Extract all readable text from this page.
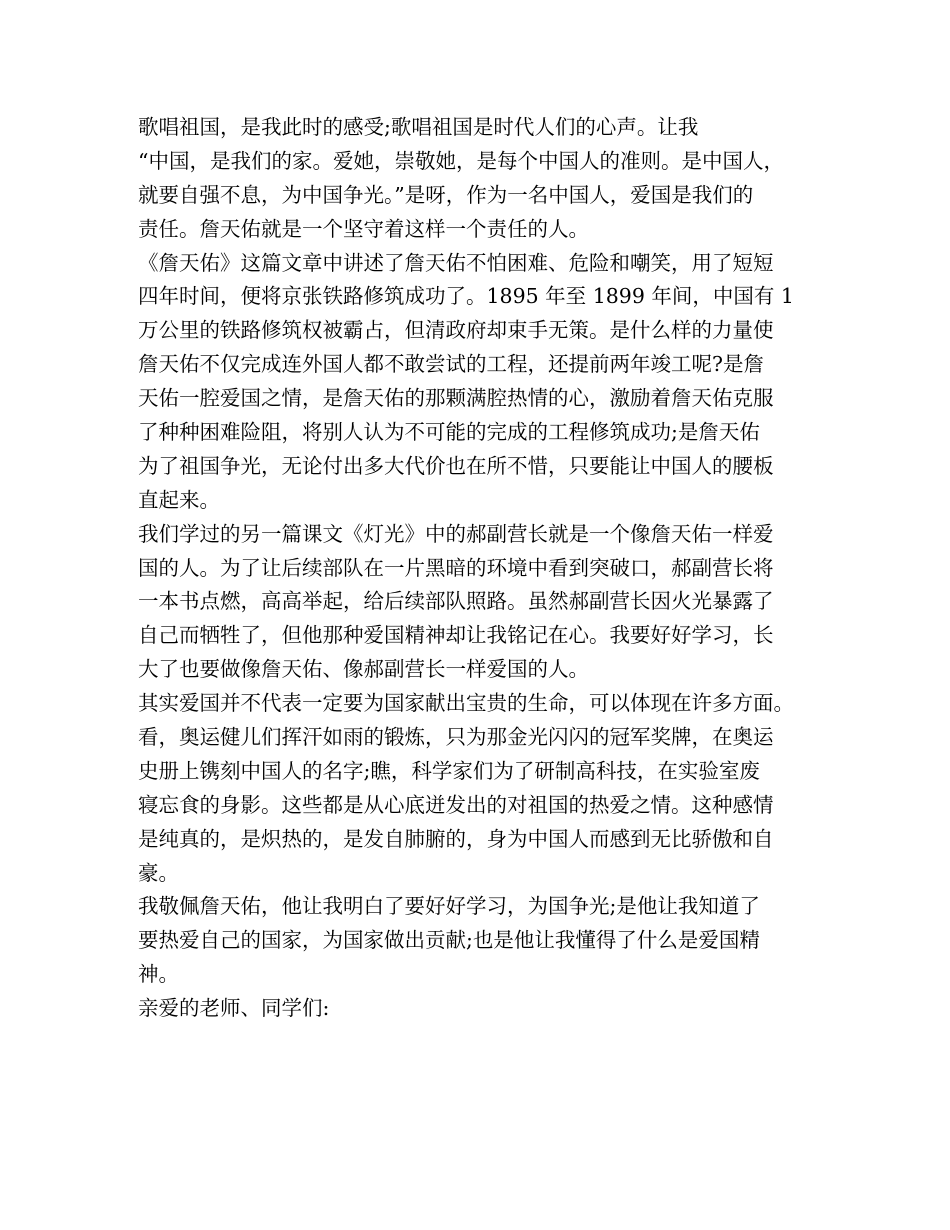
歌唱祖国，是我此时的感受;歌唱祖国是时代人们的心声。让我
“中国，是我们的家。爱她，崇敬她，是每个中国人的准则。是中国人，
就要自强不息，为中国争光。”是呀，作为一名中国人，爱国是我们的
责任。詹天佑就是一个坚守着这样一个责任的人。
《詹天佑》这篇文章中讲述了詹天佑不怕困难、危险和嘲笑，用了短短
四年时间，便将京张铁路修筑成功了。1895 年至 1899 年间，中国有 1
万公里的铁路修筑权被霸占，但清政府却束手无策。是什么样的力量使
詹天佑不仅完成连外国人都不敢尝试的工程，还提前两年竣工呢?是詹
天佑一腔爱国之情，是詹天佑的那颗满腔热情的心，激励着詹天佑克服
了种种困难险阻，将别人认为不可能的完成的工程修筑成功;是詹天佑
为了祖国争光，无论付出多大代价也在所不惜，只要能让中国人的腰板
直起来。
我们学过的另一篇课文《灯光》中的郝副营长就是一个像詹天佑一样爱
国的人。为了让后续部队在一片黑暗的环境中看到突破口，郝副营长将
一本书点燃，高高举起，给后续部队照路。虽然郝副营长因火光暴露了
自己而牺牲了，但他那种爱国精神却让我铭记在心。我要好好学习，长
大了也要做像詹天佑、像郝副营长一样爱国的人。
其实爱国并不代表一定要为国家献出宝贵的生命，可以体现在许多方面。
看，奥运健儿们挥汗如雨的锻炼，只为那金光闪闪的冠军奖牌，在奥运
史册上镌刻中国人的名字;瞧，科学家们为了研制高科技，在实验室废
寝忘食的身影。这些都是从心底迸发出的对祖国的热爱之情。这种感情
是纯真的，是炽热的，是发自肺腑的，身为中国人而感到无比骄傲和自
豪。
我敬佩詹天佑，他让我明白了要好好学习，为国争光;是他让我知道了
要热爱自己的国家，为国家做出贡献;也是他让我懂得了什么是爱国精
神。
亲爱的老师、同学们:
